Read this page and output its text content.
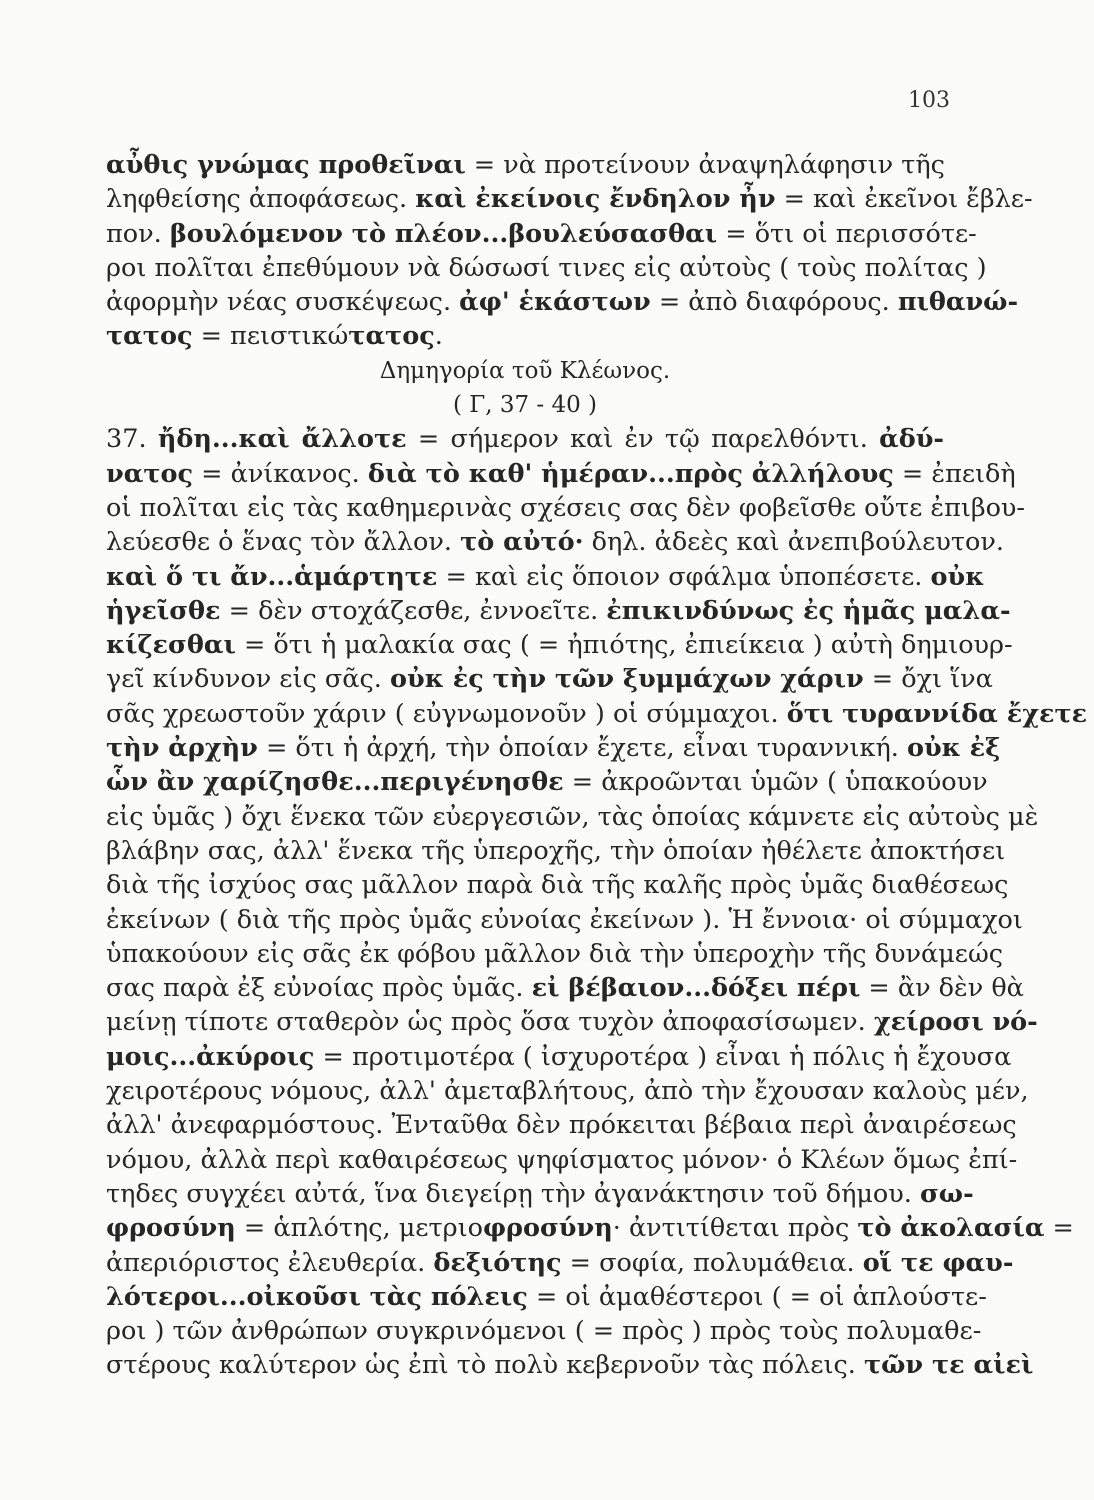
103
αὖθις γνώμας προθεῖναι = νὰ προτείνουν ἀναψηλάφησιν τῆς
ληφθείσης ἀποφάσεως. καὶ ἐκείνοις ἔνδηλον ἦν = καὶ ἐκεῖνοι ἔβλε-
πον. βουλόμενον τὸ πλέον...βουλεύσασθαι = ὅτι οἱ περισσότε-
ροι πολῖται ἐπεθύμουν νὰ δώσωσί τινες εἰς αὐτοὺς ( τοὺς πολίτας )
ἀφορμὴν νέας συσκέψεως. ἀφ' ἑκάστων = ἀπὸ διαφόρους. πιθανώ-
τατος = πειστικώτατος.
Δημηγορία τοῦ Κλέωνος.
( Γ, 37 - 40 )
37. ἤδη...καὶ ἄλλοτε = σήμερον καὶ ἐν τῷ παρελθόντι. ἀδύ-
νατος = ἀνίκανος. διὰ τὸ καθ' ἡμέραν...πρὸς ἀλλήλους = ἐπειδὴ
οἱ πολῖται εἰς τὰς καθημερινὰς σχέσεις σας δὲν φοβεῖσθε οὔτε ἐπιβου-
λεύεσθε ὁ ἕνας τὸν ἄλλον. τὸ αὐτό· δηλ. ἀδεὲς καὶ ἀνεπιβούλευτον.
καὶ ὅ τι ἄν...ἁμάρτητε = καὶ εἰς ὅποιον σφάλμα ὑποπέσετε. οὐκ
ἡγεῖσθε = δὲν στοχάζεσθε, ἐννοεῖτε. ἐπικινδύνως ἐς ἡμᾶς μαλα-
κίζεσθαι = ὅτι ἡ μαλακία σας ( = ἠπιότης, ἐπιείκεια ) αὐτὴ δημιουρ-
γεῖ κίνδυνον εἰς σᾶς. οὐκ ἐς τὴν τῶν ξυμμάχων χάριν = ὄχι ἵνα
σᾶς χρεωστοῦν χάριν ( εὐγνωμονοῦν ) οἱ σύμμαχοι. ὅτι τυραννίδα ἔχετε
τὴν ἀρχὴν = ὅτι ἡ ἀρχή, τὴν ὁποίαν ἔχετε, εἶναι τυραννική. οὐκ ἐξ
ὧν ἂν χαρίζησθε...περιγένησθε = ἀκροῶνται ὑμῶν ( ὑπακούουν
εἰς ὑμᾶς ) ὄχι ἕνεκα τῶν εὐεργεσιῶν, τὰς ὁποίας κάμνετε εἰς αὐτοὺς μὲ
βλάβην σας, ἀλλ' ἕνεκα τῆς ὑπεροχῆς, τὴν ὁποίαν ἠθέλετε ἀποκτήσει
διὰ τῆς ἰσχύος σας μᾶλλον παρὰ διὰ τῆς καλῆς πρὸς ὑμᾶς διαθέσεως
ἐκείνων ( διὰ τῆς πρὸς ὑμᾶς εὐνοίας ἐκείνων ). Ἡ ἔννοια· οἱ σύμμαχοι
ὑπακούουν εἰς σᾶς ἐκ φόβου μᾶλλον διὰ τὴν ὑπεροχὴν τῆς δυνάμεώς
σας παρὰ ἐξ εὐνοίας πρὸς ὑμᾶς. εἰ βέβαιον...δόξει πέρι = ἂν δὲν θὰ
μείνῃ τίποτε σταθερὸν ὡς πρὸς ὅσα τυχὸν ἀποφασίσωμεν. χείροσι νό-
μοις...ἀκύροις = προτιμοτέρα ( ἰσχυροτέρα ) εἶναι ἡ πόλις ἡ ἔχουσα
χειροτέρους νόμους, ἀλλ' ἀμεταβλήτους, ἀπὸ τὴν ἔχουσαν καλοὺς μέν,
ἀλλ' ἀνεφαρμόστους. Ἐνταῦθα δὲν πρόκειται βέβαια περὶ ἀναιρέσεως
νόμου, ἀλλὰ περὶ καθαιρέσεως ψηφίσματος μόνον· ὁ Κλέων ὅμως ἐπί-
τηδες συγχέει αὐτά, ἵνα διεγείρῃ τὴν ἀγανάκτησιν τοῦ δήμου. σω-
φροσύνη = ἁπλότης, μετριοφροσύνη· ἀντιτίθεται πρὸς τὸ ἀκολασία =
ἀπεριόριστος ἐλευθερία. δεξιότης = σοφία, πολυμάθεια. οἵ τε φαυ-
λότεροι...οἰκοῦσι τὰς πόλεις = οἱ ἀμαθέστεροι ( = οἱ ἁπλούστε-
ροι ) τῶν ἀνθρώπων συγκρινόμενοι ( = πρὸς ) πρὸς τοὺς πολυμαθε-
στέρους καλύτερον ὡς ἐπὶ τὸ πολὺ κεβερνοῦν τὰς πόλεις. τῶν τε αἰεὶ
